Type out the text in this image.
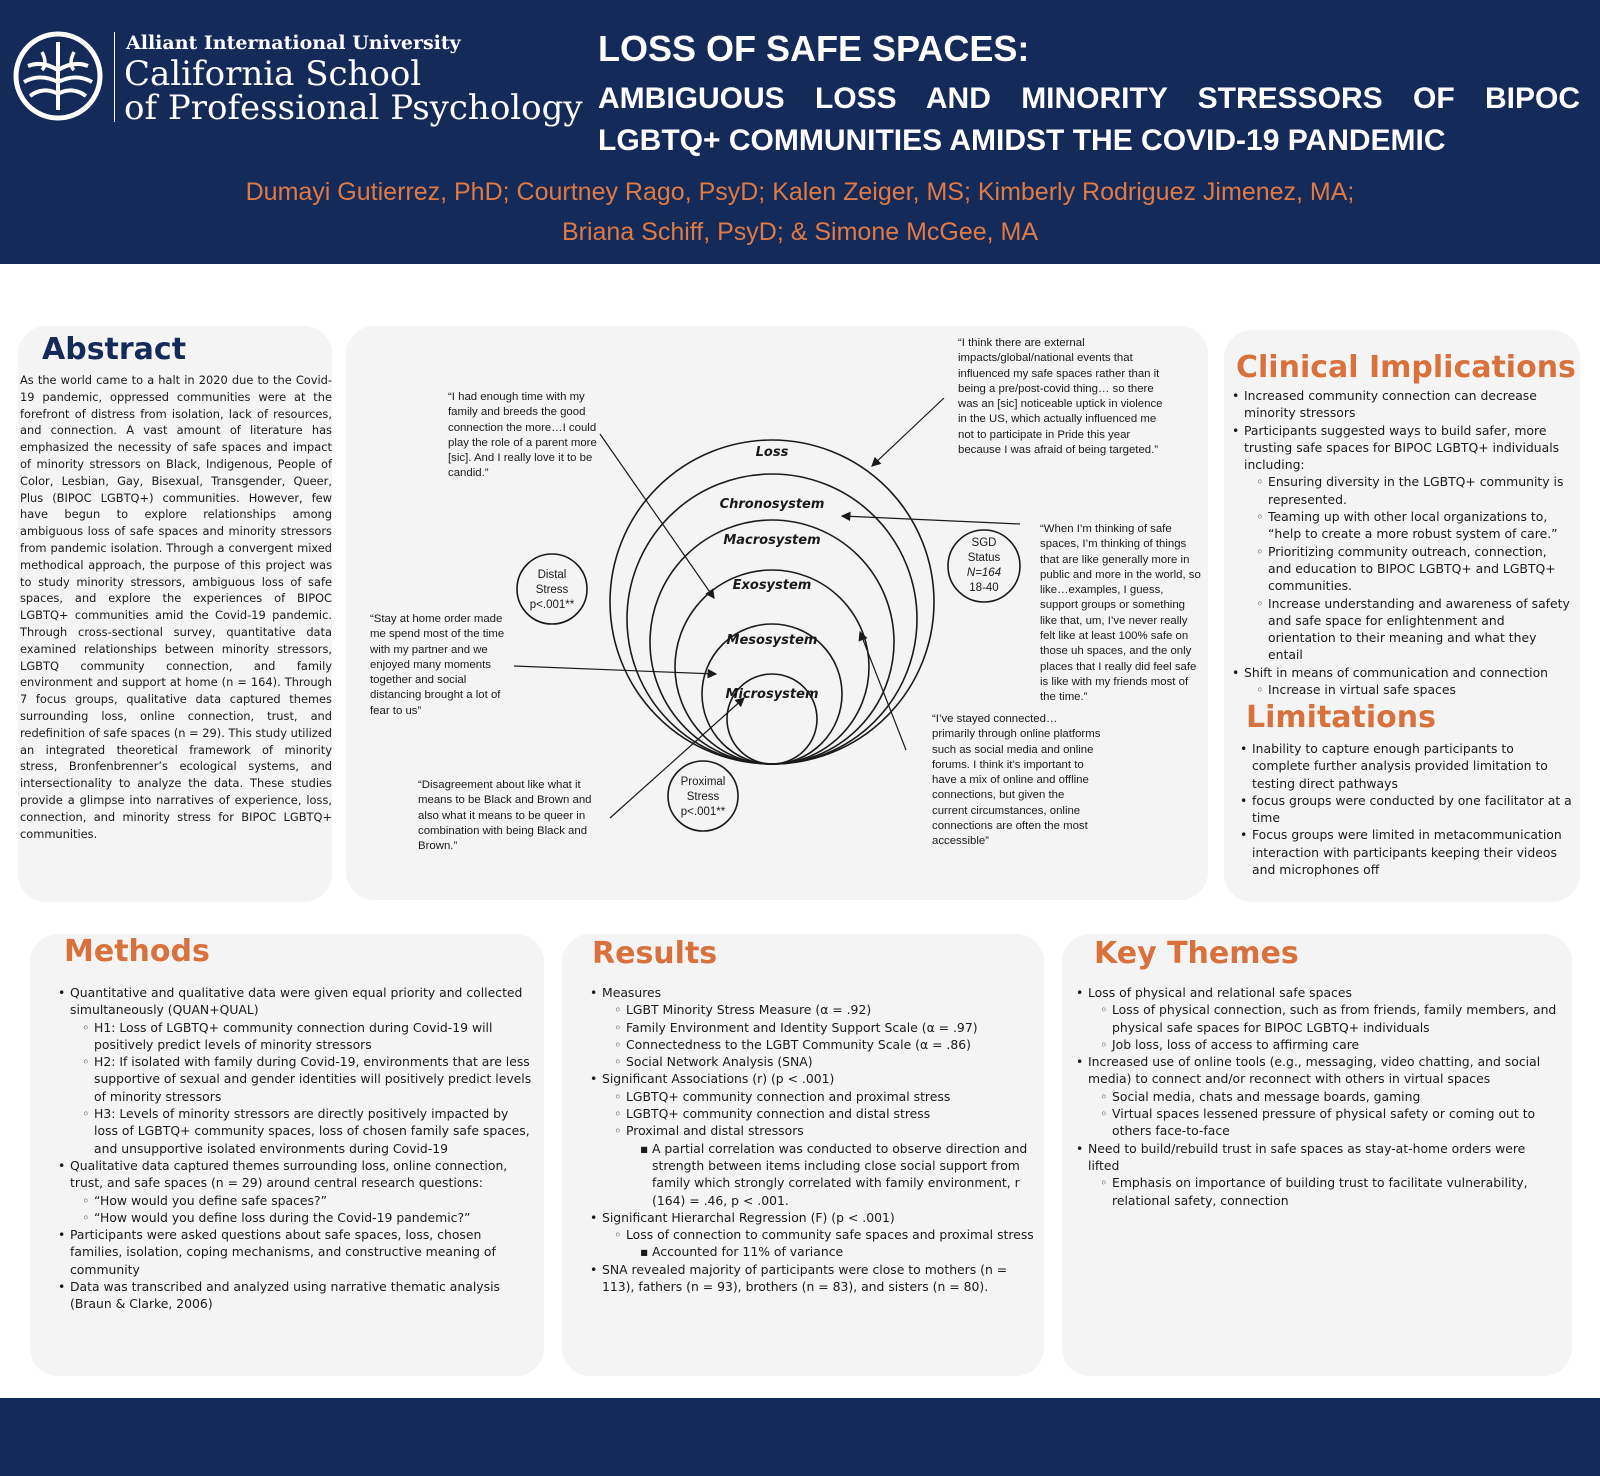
Alliant International University
California School
of Professional Psychology
LOSS OF SAFE SPACES:
AMBIGUOUS LOSS AND MINORITY STRESSORS OF BIPOC
LGBTQ+ COMMUNITIES AMIDST THE COVID-19 PANDEMIC
Dumayi Gutierrez, PhD; Courtney Rago, PsyD; Kalen Zeiger, MS; Kimberly Rodriguez Jimenez, MA;
Briana Schiff, PsyD; & Simone McGee, MA
Abstract
As the world came to a halt in 2020 due to the Covid-19 pandemic, oppressed communities were at the forefront of distress from isolation, lack of resources, and connection. A vast amount of literature has emphasized the necessity of safe spaces and impact of minority stressors on Black, Indigenous, People of Color, Lesbian, Gay, Bisexual, Transgender, Queer, Plus (BIPOC LGBTQ+) communities. However, few have begun to explore relationships among ambiguous loss of safe spaces and minority stressors from pandemic isolation. Through a convergent mixed methodical approach, the purpose of this project was to study minority stressors, ambiguous loss of safe spaces, and explore the experiences of BIPOC LGBTQ+ communities amid the Covid-19 pandemic. Through cross-sectional survey, quantitative data examined relationships between minority stressors, LGBTQ community connection, and family environment and support at home (n = 164). Through 7 focus groups, qualitative data captured themes surrounding loss, online connection, trust, and redefinition of safe spaces (n = 29). This study utilized an integrated theoretical framework of minority stress, Bronfenbrenner’s ecological systems, and intersectionality to analyze the data. These studies provide a glimpse into narratives of experience, loss, connection, and minority stress for BIPOC LGBTQ+ communities.
Loss
Chronosystem
Macrosystem
Exosystem
Mesosystem
Microsystem
Distal
Stress
p<.001**
Proximal
Stress
p<.001**
SGD
Status
N=164
18-40
“I had enough time with my family and breeds the good connection the more…I could play the role of a parent more [sic]. And I really love it to be candid.”
“I think there are external impacts/global/national events that influenced my safe spaces rather than it being a pre/post-covid thing… so there was an [sic] noticeable uptick in violence in the US, which actually influenced me not to participate in Pride this year because I was afraid of being targeted.”
“Stay at home order made me spend most of the time with my partner and we enjoyed many moments together and social distancing brought a lot of fear to us”
“When I’m thinking of safe spaces, I’m thinking of things that are like generally more in public and more in the world, so like…examples, I guess, support groups or something like that, um, I’ve never really felt like at least 100% safe on those uh spaces, and the only places that I really did feel safe is like with my friends most of the time.”
“I’ve stayed connected… primarily through online platforms such as social media and online forums. I think it’s important to have a mix of online and offline connections, but given the current circumstances, online connections are often the most accessible”
“Disagreement about like what it means to be Black and Brown and also what it means to be queer in combination with being Black and Brown.”
Clinical Implications
• Increased community connection can decrease minority stressors
• Participants suggested ways to build safer, more trusting safe spaces for BIPOC LGBTQ+ individuals including:
◦ Ensuring diversity in the LGBTQ+ community is represented.
◦ Teaming up with other local organizations to, “help to create a more robust system of care.”
◦ Prioritizing community outreach, connection, and education to BIPOC LGBTQ+ and LGBTQ+ communities.
◦ Increase understanding and awareness of safety and safe space for enlightenment and orientation to their meaning and what they entail
• Shift in means of communication and connection
◦ Increase in virtual safe spaces
Limitations
• Inability to capture enough participants to complete further analysis provided limitation to testing direct pathways
• focus groups were conducted by one facilitator at a time
• Focus groups were limited in metacommunication interaction with participants keeping their videos and microphones off
Methods
• Quantitative and qualitative data were given equal priority and collected simultaneously (QUAN+QUAL)
◦ H1: Loss of LGBTQ+ community connection during Covid-19 will positively predict levels of minority stressors
◦ H2: If isolated with family during Covid-19, environments that are less supportive of sexual and gender identities will positively predict levels of minority stressors
◦ H3: Levels of minority stressors are directly positively impacted by loss of LGBTQ+ community spaces, loss of chosen family safe spaces, and unsupportive isolated environments during Covid-19
• Qualitative data captured themes surrounding loss, online connection, trust, and safe spaces (n = 29) around central research questions:
◦ “How would you define safe spaces?”
◦ “How would you define loss during the Covid-19 pandemic?”
• Participants were asked questions about safe spaces, loss, chosen families, isolation, coping mechanisms, and constructive meaning of community
• Data was transcribed and analyzed using narrative thematic analysis (Braun & Clarke, 2006)
Results
• Measures
◦ LGBT Minority Stress Measure (α = .92)
◦ Family Environment and Identity Support Scale (α = .97)
◦ Connectedness to the LGBT Community Scale (α = .86)
◦ Social Network Analysis (SNA)
• Significant Associations (r) (p < .001)
◦ LGBTQ+ community connection and proximal stress
◦ LGBTQ+ community connection and distal stress
◦ Proximal and distal stressors
▪ A partial correlation was conducted to observe direction and strength between items including close social support from family which strongly correlated with family environment, r (164) = .46, p < .001.
• Significant Hierarchal Regression (F) (p < .001)
◦ Loss of connection to community safe spaces and proximal stress
▪ Accounted for 11% of variance
• SNA revealed majority of participants were close to mothers (n = 113), fathers (n = 93), brothers (n = 83), and sisters (n = 80).
Key Themes
• Loss of physical and relational safe spaces
◦ Loss of physical connection, such as from friends, family members, and physical safe spaces for BIPOC LGBTQ+ individuals
◦ Job loss, loss of access to affirming care
• Increased use of online tools (e.g., messaging, video chatting, and social media) to connect and/or reconnect with others in virtual spaces
◦ Social media, chats and message boards, gaming
◦ Virtual spaces lessened pressure of physical safety or coming out to others face-to-face
• Need to build/rebuild trust in safe spaces as stay-at-home orders were lifted
◦ Emphasis on importance of building trust to facilitate vulnerability, relational safety, connection
